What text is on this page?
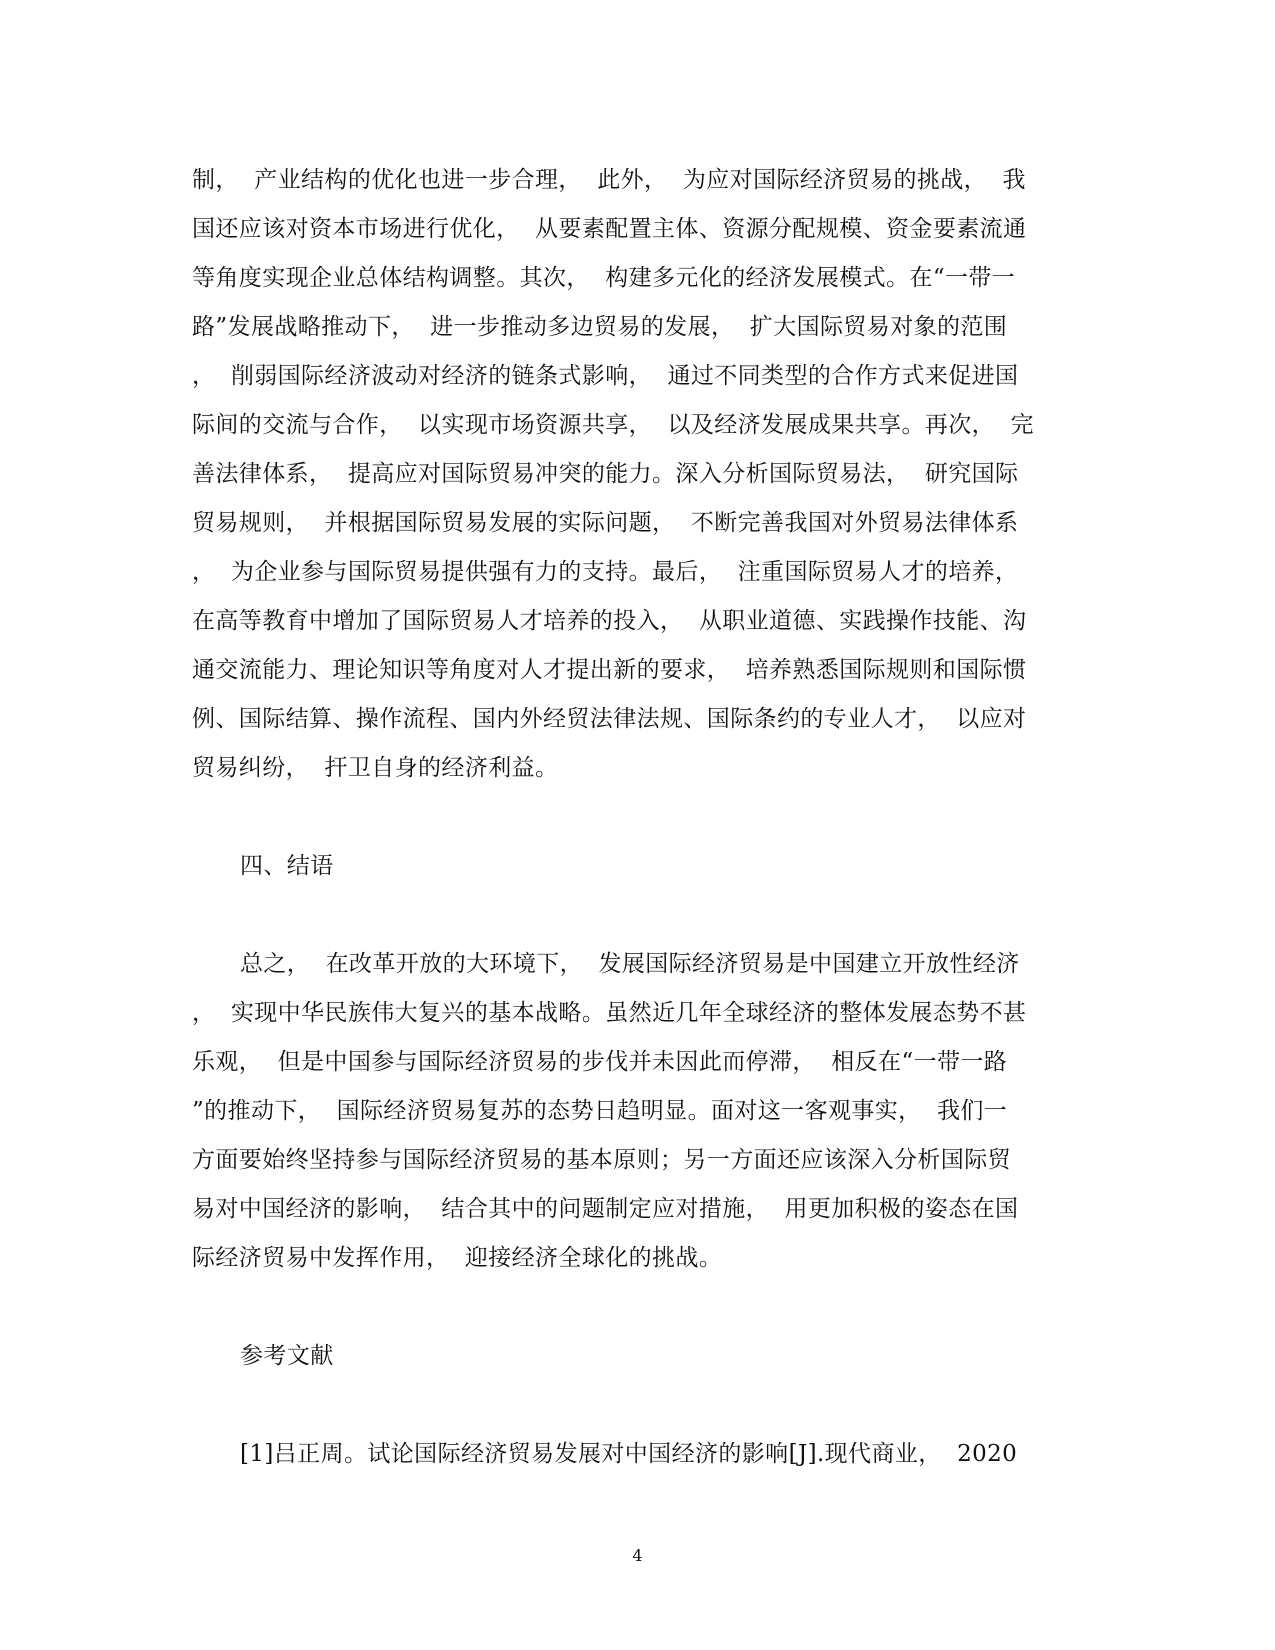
制，  产业结构的优化也进一步合理，  此外，  为应对国际经济贸易的挑战，  我
国还应该对资本市场进行优化，  从要素配置主体、资源分配规模、资金要素流通
等角度实现企业总体结构调整。其次，  构建多元化的经济发展模式。在“一带一
路”发展战略推动下，  进一步推动多边贸易的发展，  扩大国际贸易对象的范围
，  削弱国际经济波动对经济的链条式影响，  通过不同类型的合作方式来促进国
际间的交流与合作，  以实现市场资源共享，  以及经济发展成果共享。再次，  完
善法律体系，  提高应对国际贸易冲突的能力。深入分析国际贸易法，  研究国际
贸易规则，  并根据国际贸易发展的实际问题，  不断完善我国对外贸易法律体系
，  为企业参与国际贸易提供强有力的支持。最后，  注重国际贸易人才的培养，
在高等教育中增加了国际贸易人才培养的投入，  从职业道德、实践操作技能、沟
通交流能力、理论知识等角度对人才提出新的要求，  培养熟悉国际规则和国际惯
例、国际结算、操作流程、国内外经贸法律法规、国际条约的专业人才，  以应对
贸易纠纷，  扞卫自身的经济利益。
四、结语
总之，  在改革开放的大环境下，  发展国际经济贸易是中国建立开放性经济
，  实现中华民族伟大复兴的基本战略。虽然近几年全球经济的整体发展态势不甚
乐观，  但是中国参与国际经济贸易的步伐并未因此而停滞，  相反在“一带一路
”的推动下，  国际经济贸易复苏的态势日趋明显。面对这一客观事实，  我们一
方面要始终坚持参与国际经济贸易的基本原则；另一方面还应该深入分析国际贸
易对中国经济的影响，  结合其中的问题制定应对措施，  用更加积极的姿态在国
际经济贸易中发挥作用，  迎接经济全球化的挑战。
参考文献
[1]吕正周。试论国际经济贸易发展对中国经济的影响[J].现代商业，  2020
4
